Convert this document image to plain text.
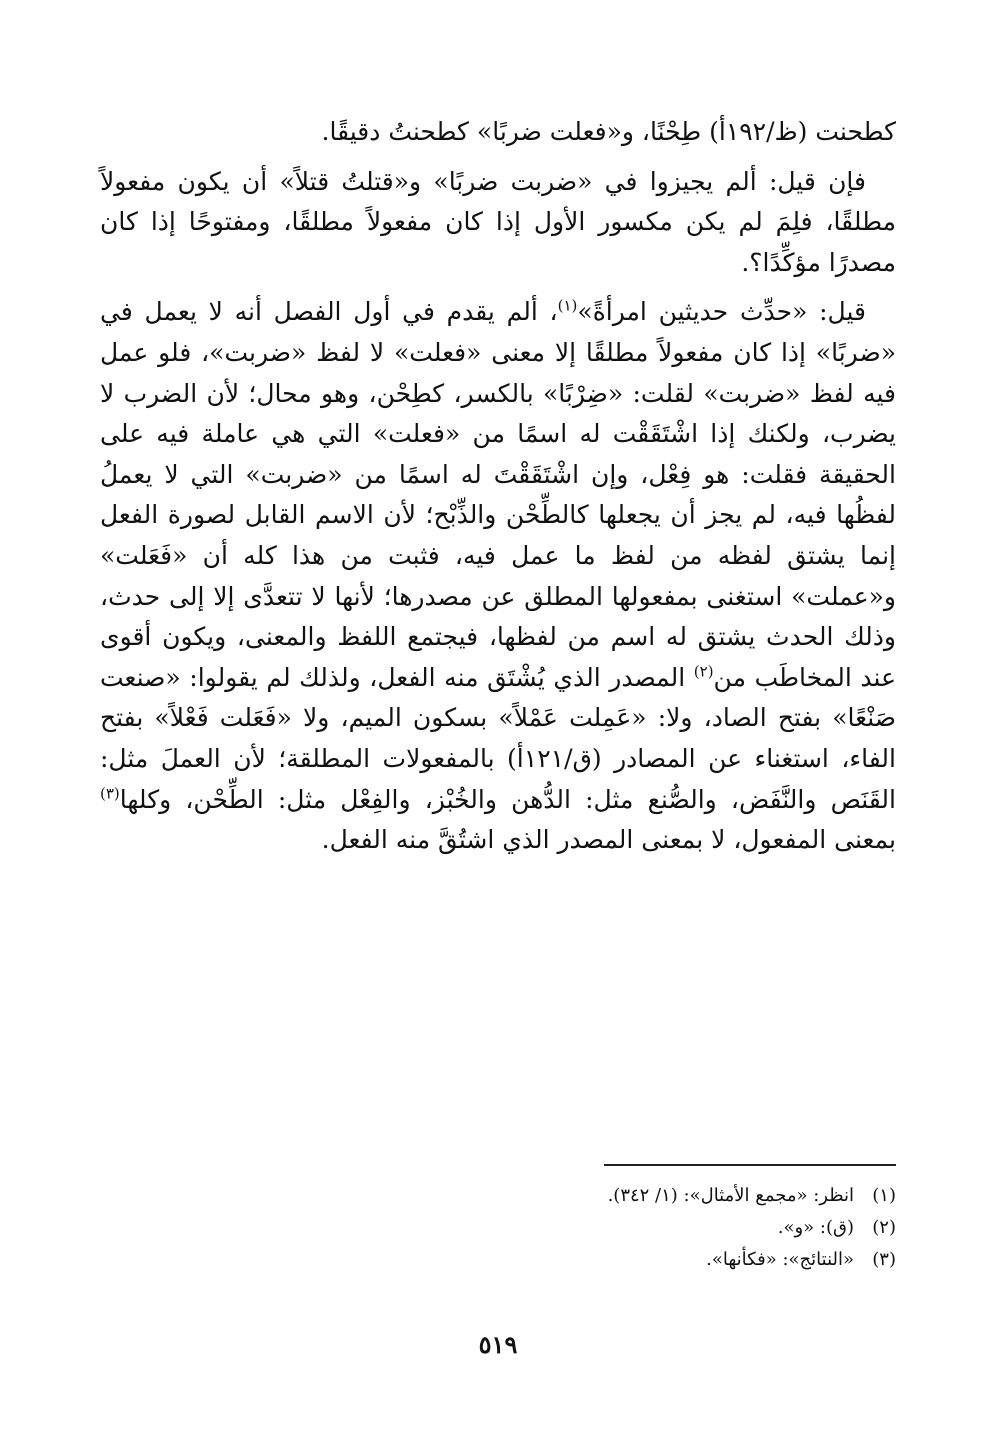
كطحنت (ظ/١٩٢أ) طِحْنًا، و«فعلت ضربًا» كطحنتُ دقيقًا.

فإن قيل: ألم يجيزوا في «ضربت ضربًا» و«قتلتُ قتلاً» أن يكون مفعولاً مطلقًا، فلِمَ لم يكن مكسور الأول إذا كان مفعولاً مطلقًا، ومفتوحًا إذا كان مصدرًا مؤكِّدًا؟.

قيل: «حدِّث حديثين امرأةً»$^{(١)}$، ألم يقدم في أول الفصل أنه لا يعمل في «ضربًا» إذا كان مفعولاً مطلقًا إلا معنى «فعلت» لا لفظ «ضربت»، فلو عمل فيه لفظ «ضربت» لقلت: «ضِرْبًا» بالكسر، كطِحْن، وهو محال؛ لأن الضرب لا يضرب، ولكنك إذا اشْتَقَقْت له اسمًا من «فعلت» التي هي عاملة فيه على الحقيقة فقلت: هو فِعْل، وإن اشْتَقَقْتَ له اسمًا من «ضربت» التي لا يعملُ لفظُها فيه، لم يجز أن يجعلها كالطِّحْن والذِّبْح؛ لأن الاسم القابل لصورة الفعل إنما يشتق لفظه من لفظ ما عمل فيه، فثبت من هذا كله أن «فَعَلت» و«عملت» استغنى بمفعولها المطلق عن مصدرها؛ لأنها لا تتعدَّى إلا إلى حدث، وذلك الحدث يشتق له اسم من لفظها، فيجتمع اللفظ والمعنى، ويكون أقوى عند المخاطَب من$^{(٢)}$ المصدر الذي يُشْتَق منه الفعل، ولذلك لم يقولوا: «صنعت صَنْعًا» بفتح الصاد، ولا: «عَمِلت عَمْلاً» بسكون الميم، ولا «فَعَلت فَعْلاً» بفتح الفاء، استغناء عن المصادر (ق/١٢١أ) بالمفعولات المطلقة؛ لأن العملَ مثل: القَنَص والنَّفَض، والصُّنع مثل: الدُّهن والخُبْز، والفِعْل مثل: الطِّحْن، وكلها$^{(٣)}$ بمعنى المفعول، لا بمعنى المصدر الذي اشتُقَّ منه الفعل.

(١)
انظر: «مجمع الأمثال»: (١/ ٣٤٢).
(٢)
(ق): «و».
(٣)
«النتائج»: «فكأنها».
٥١٩
